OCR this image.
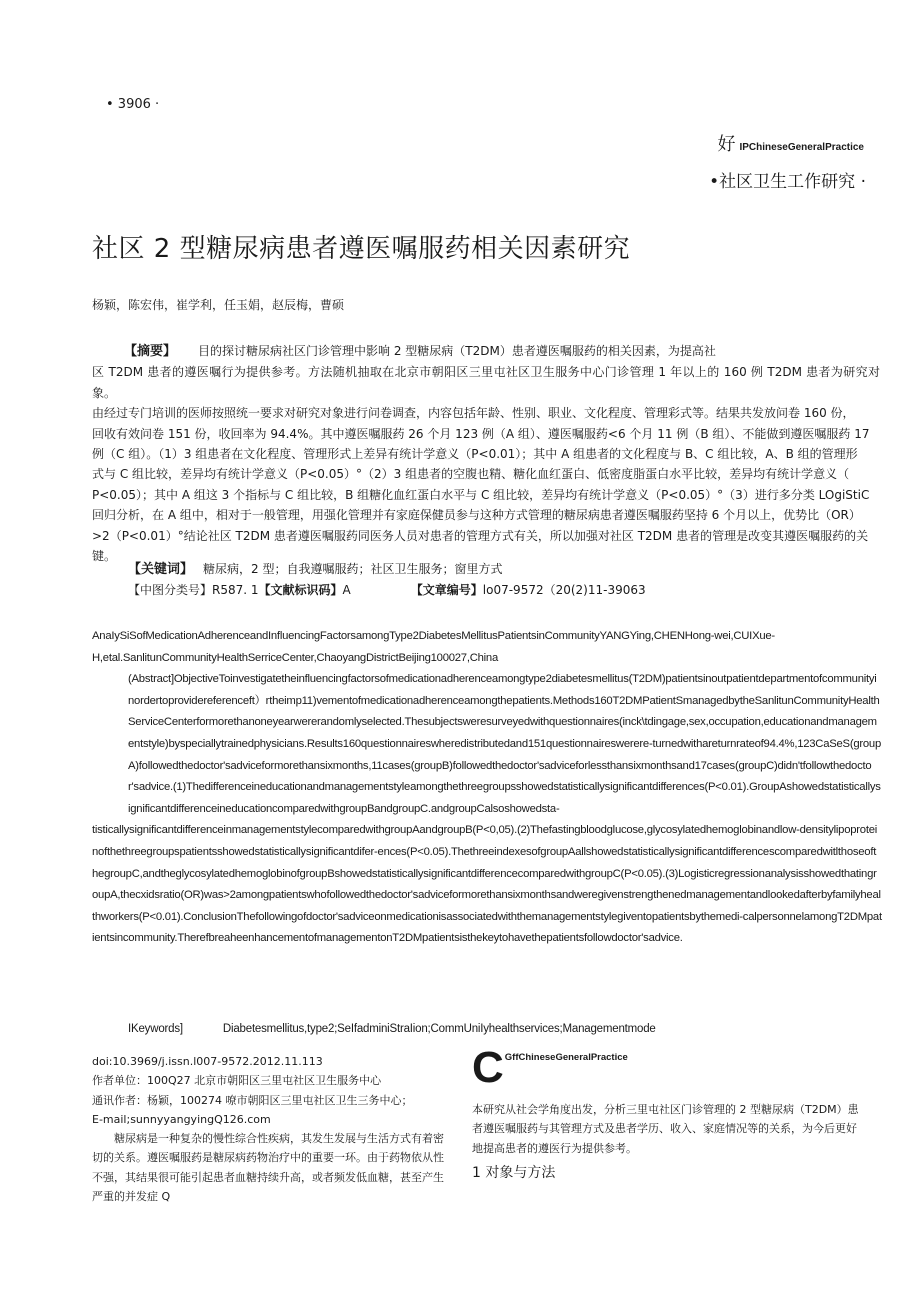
• 3906 ·
好 IPChineseGeneralPractice
•社区卫生工作研究 ·
社区 2 型糖尿病患者遵医嘱服药相关因素研究
杨颖，陈宏伟，崔学利，任玉娟，赵辰梅，曹硕
【摘要】 目的探讨糖尿病社区门诊管理中影响 2 型糖尿病（T2DM）患者遵医嘱服药的相关因素，为提高社
区 T2DM 患者的遵医嘱行为提供参考。方法随机抽取在北京市朝阳区三里屯社区卫生服务中心门诊管理 1 年以上的 160 例 T2DM 患者为研究对象。
由经过专门培训的医师按照统一要求对研究对象进行问卷调查，内容包括年龄、性别、职业、文化程度、管理彩式等。结果共发放问卷 160 份，
回收有效问卷 151 份，收回率为 94.4%。其中遵医嘱服药 26 个月 123 例（A 组）、遵医嘱服药<6 个月 11 例（B 组）、不能做到遵医嘱服药 17
例（C 组）。（1）3 组患者在文化程度、管理形式上差异有统计学意义（P<0.01）；其中 A 组患者的文化程度与 B、C 组比较，A、B 组的管理形
式与 C 组比较，差异均有统计学意义（P<0.05）°（2）3 组患者的空腹也精、糖化血红蛋白、低密度脂蛋白水平比较，差异均有统计学意义（
P<0.05）；其中 A 组这 3 个指标与 C 组比较，B 组糖化血红蛋白水平与 C 组比较，差异均有统计学意义（P<0.05）°（3）进行多分类 LOgiStiC
回归分析，在 A 组中，相对于一般管理，用强化管理并有家庭保健员参与这种方式管理的糖尿病患者遵医嘱服药坚持 6 个月以上，优势比（OR）
>2（P<0.01）°结论社区 T2DM 患者遵医嘱服药同医务人员对患者的管理方式有关，所以加强对社区 T2DM 患者的管理是改变其遵医嘱服药的关
键。
【关键词】 糖尿病，2 型；自我遵嘱服药；社区卫生服务；窗里方式
【中图分类号】R587. 1【文献标识码】A	【文章编号】lo07-9572（20(2)11-39063

AnaIySiSofMedicationAdherenceandInfluencingFactorsamongType2DiabetesMellitusPatientsinCommunityYANGYing,CHENHong-wei,CUIXue-

H,etal.SanlitunCommunityHealthSerriceCenter,ChaoyangDistrictBeijing100027,China

(Abstract]ObjectiveToinvestigatetheinfluencingfactorsofmedicationadherenceamongtype2diabetesmellitus(T2DM)patientsinoutpatientdepartmentofcommunityinordertoprovidereferenceft）rtheimp11)vementofmedicationadherenceamongthepatients.Methods160T2DMPatientSmanagedbytheSanlitunCommunityHealthServiceCenterformorethanoneyearwererandomlyselected.Thesubjectsweresurveyedwithquestionnaires(inck\tdingage,sex,occupation,educationandmanagementstyle)byspeciallytrainedphysicians.Results160questionnaireswheredistributedand151questionnaireswerere-turnedwithareturnrateof94.4%,123CaSeS(groupA)followedthedoctor'sadviceformorethansixmonths,11cases(groupB)followedthedoctor'sadviceforlessthansixmonthsand17cases(groupC)didn'tfollowthedoctor'sadvice.(1)Thedifferenceineducationandmanagementstyleamongthethreegroupsshowedstatisticallysignificantdifferences(P<0.01).GroupAshowedstatisticallysignificantdifferenceineducationcomparedwithgroupBandgroupC.andgroupCalsoshowedsta-

tisticallysignificantdifferenceinmanagementstylecomparedwithgroupAandgroupB(P<0,05).(2)Thefastingbloodglucose,glycosylatedhemoglobinandlow-densitylipoproteinofthethreegroupspatientsshowedstatisticallysignificantdifer-ences(P<0.05).ThethreeindexesofgroupAallshowedstatisticallysignificantdifferencescomparedwitlthoseofthegroupC,andtheglycosylatedhemoglobinofgroupBshowedstatisticallysignificantdifferencecomparedwithgroupC(P<0.05).(3)LogisticregressionanalysisshowedthatingroupA,thecxidsratio(OR)was>2amongpatientswhofollowedthedoctor'sadviceformorethansixmonthsandweregivenstrengthenedmanagementandlookedafterbyfamilyhealthworkers(P<0.01).ConclusionThefollowingofdoctor'sadviceonmedicationisassociatedwiththemanagementstylegiventopatientsbythemedi-calpersonnelamongT2DMpatientsincommunity.TherefbreaheenhancementofmanagementonT2DMpatientsisthekeytohavethepatientsfollowdoctor'sadvice.

IKeywords]	Diabetesmellitus,type2;SeIfadminiStraIion;CommUniIyhealthservices;Managementmode

doi:10.3969/j.issn.l007-9572.2012.11.113

作者单位：100Q27 北京市朝阳区三里屯社区卫生服务中心

通讯作者：杨颖，100274 嘹市朝阳区三里屯社区卫生三务中心；

E-mail;sunnyyangyingQ126.com

糖尿病是一种复杂的慢性综合性疾病，其发生发展与生活方式有着密切的关系。遵医嘱服药是糖尿病药物治疗中的重要一环。由于药物依从性不强，其结果很可能引起患者血糖持续升高，或者频发低血糖，甚至产生严重的并发症 Q

C GffChineseGeneralPractice

本研究从社会学角度出发，分析三里屯社区门诊管理的 2 型糖尿病（T2DM）患者遵医嘱服药与其管理方式及患者学历、收入、家庭情况等的关系，为今后更好地提高患者的遵医行为提供参考。

1 对象与方法
